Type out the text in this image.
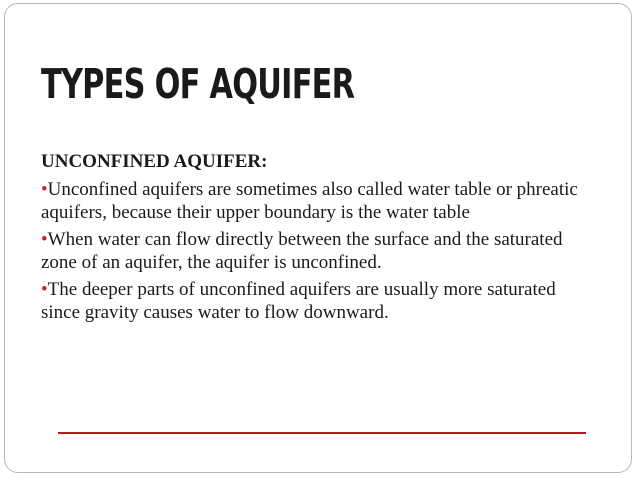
TYPES OF AQUIFER

UNCONFINED AQUIFER:

•Unconfined aquifers are sometimes also called water table or phreatic aquifers, because their upper boundary is the water table

•When water can flow directly between the surface and the saturated zone of an aquifer, the aquifer is unconfined.

•The deeper parts of unconfined aquifers are usually more saturated since gravity causes water to flow downward.
